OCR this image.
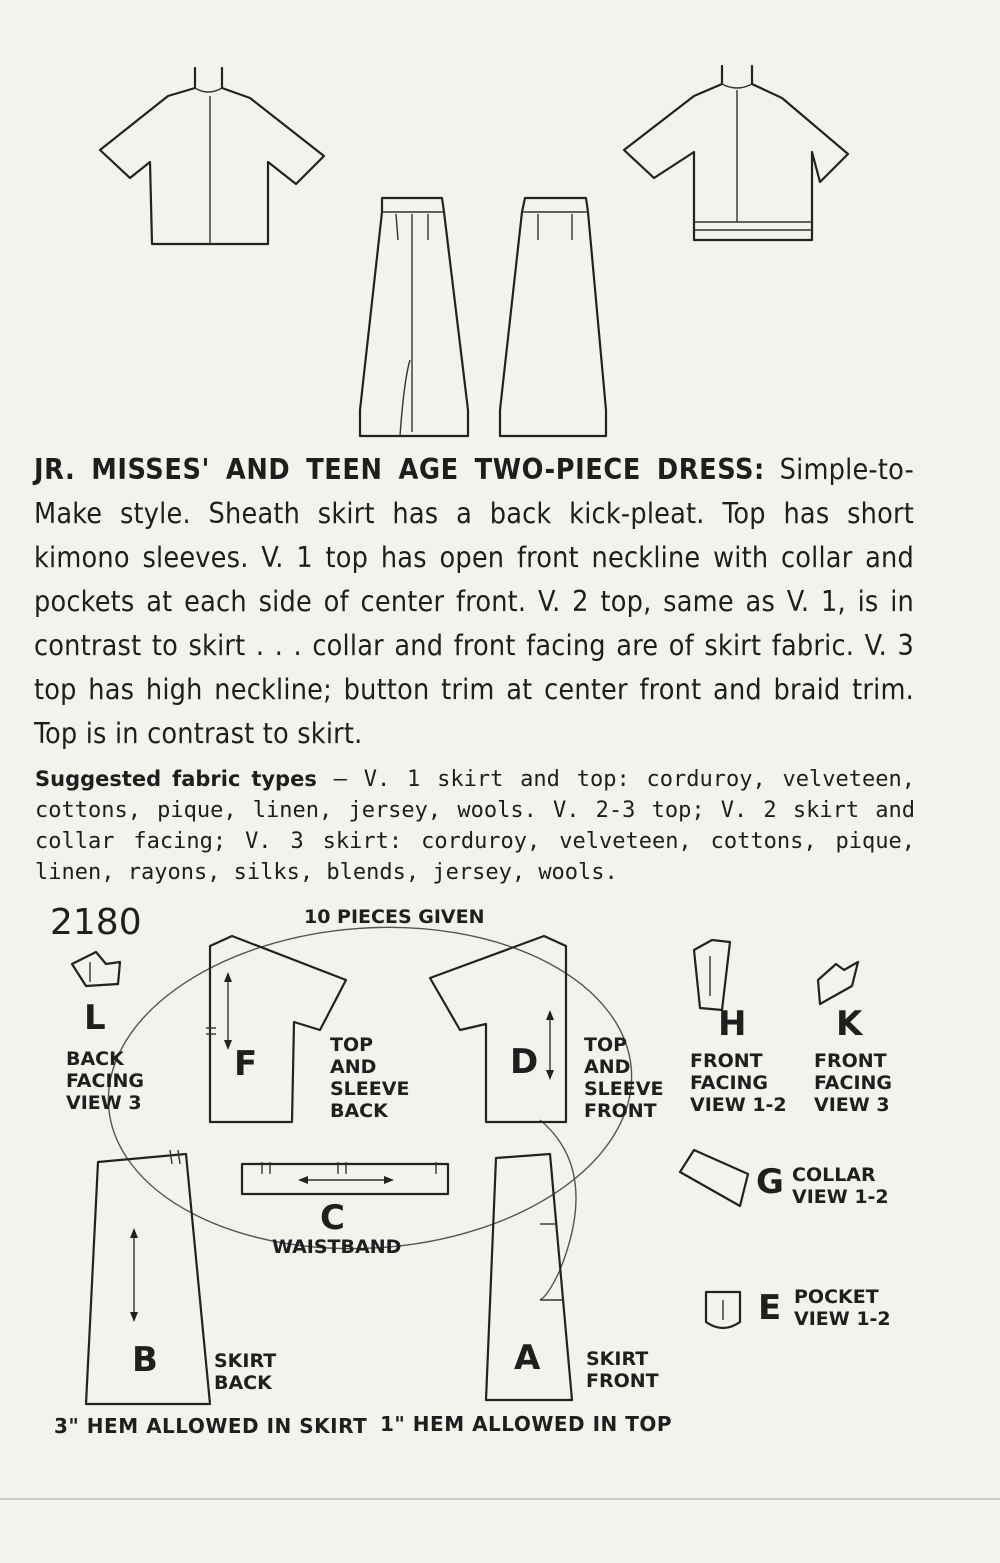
JR. MISSES' AND TEEN AGE TWO-PIECE DRESS: Simple-to-Make style. Sheath skirt has a back kick-pleat. Top has short kimono sleeves. V. 1 top has open front neckline with collar and pockets at each side of center front. V. 2 top, same as V. 1, is in contrast to skirt . . . collar and front facing are of skirt fabric. V. 3 top has high neckline; button trim at center front and braid trim. Top is in contrast to skirt.
Suggested fabric types — V. 1 skirt and top: corduroy, velveteen, cottons, pique, linen, jersey, wools. V. 2-3 top; V. 2 skirt and collar facing; V. 3 skirt: corduroy, velveteen, cottons, pique, linen, rayons, silks, blends, jersey, wools.
2180	10 PIECES GIVEN
L
BACK
FACING
VIEW 3
F	TOP
AND
SLEEVE
BACK
D TOP
AND
SLEEVE
FRONT
H
FRONT
FACING
VIEW 1-2
K
FRONT
FACING
VIEW 3
G COLLAR
VIEW 1-2
C
WAISTBAND
E POCKET
VIEW 1-2
B	SKIRT
BACK
A SKIRT
FRONT
3" HEM ALLOWED IN SKIRT 1" HEM ALLOWED IN TOP
